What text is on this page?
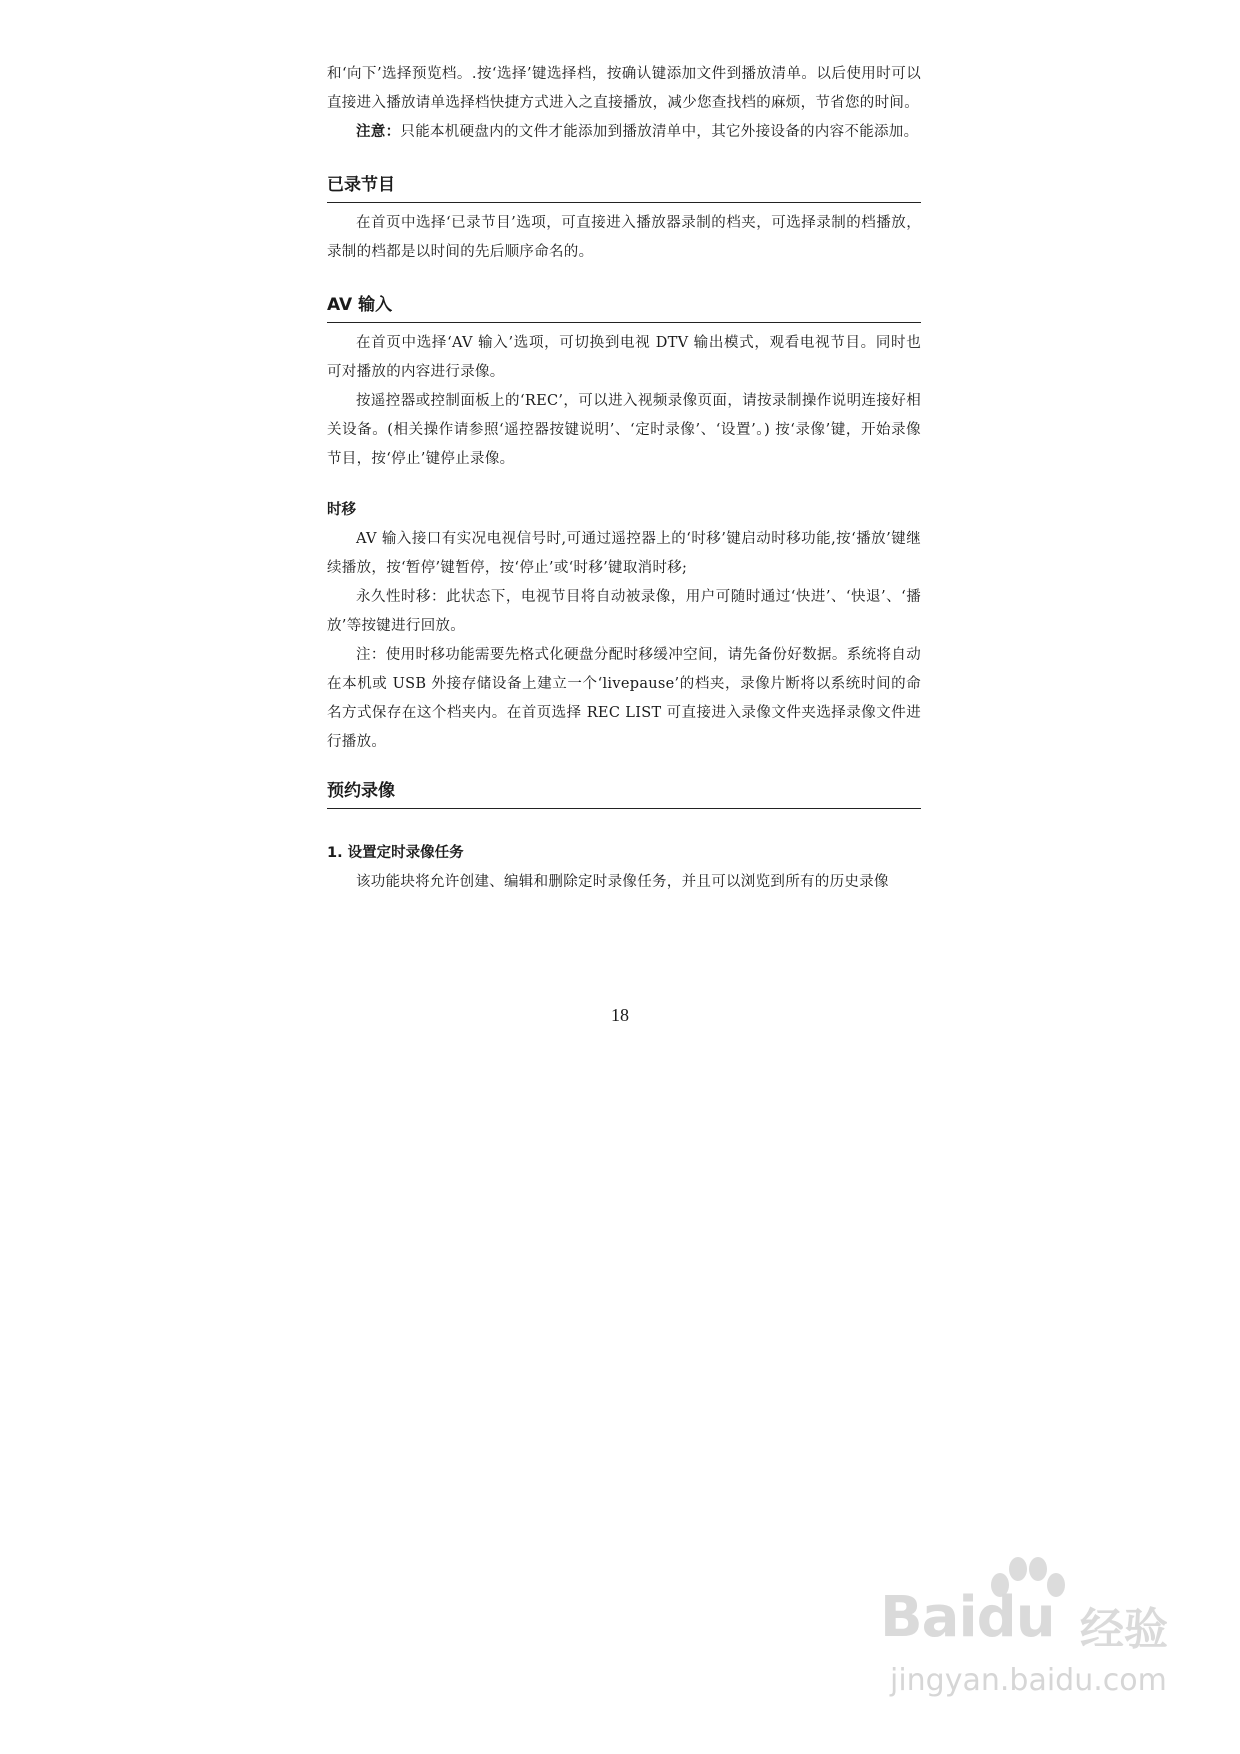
和‘向下’选择预览档。.按‘选择’键选择档，按确认键添加文件到播放清单。以后使用时可以直接进入播放请单选择档快捷方式进入之直接播放，减少您查找档的麻烦，节省您的时间。

注意：只能本机硬盘内的文件才能添加到播放清单中，其它外接设备的内容不能添加。

已录节目

在首页中选择‘已录节目’选项，可直接进入播放器录制的档夹，可选择录制的档播放，录制的档都是以时间的先后顺序命名的。

AV 输入

在首页中选择‘AV 输入’选项，可切换到电视 DTV 输出模式，观看电视节目。同时也可对播放的内容进行录像。

按遥控器或控制面板上的‘REC’，可以进入视频录像页面，请按录制操作说明连接好相关设备。(相关操作请参照‘遥控器按键说明’、‘定时录像’、‘设置’。) 按‘录像’键，开始录像节目，按‘停止’键停止录像。

时移

AV 输入接口有实况电视信号时,可通过遥控器上的‘时移’键启动时移功能,按‘播放’键继续播放，按‘暂停’键暂停，按‘停止’或‘时移’键取消时移;

永久性时移：此状态下，电视节目将自动被录像，用户可随时通过‘快进’、‘快退’、‘播放’等按键进行回放。

注：使用时移功能需要先格式化硬盘分配时移缓冲空间，请先备份好数据。系统将自动在本机或 USB 外接存储设备上建立一个‘livepause’的档夹，录像片断将以系统时间的命名方式保存在这个档夹内。在首页选择 REC LIST 可直接进入录像文件夹选择录像文件进行播放。

预约录像
1. 设置定时录像任务

该功能块将允许创建、编辑和删除定时录像任务，并且可以浏览到所有的历史录像

18
Baidu 经验
jingyan.baidu.com
